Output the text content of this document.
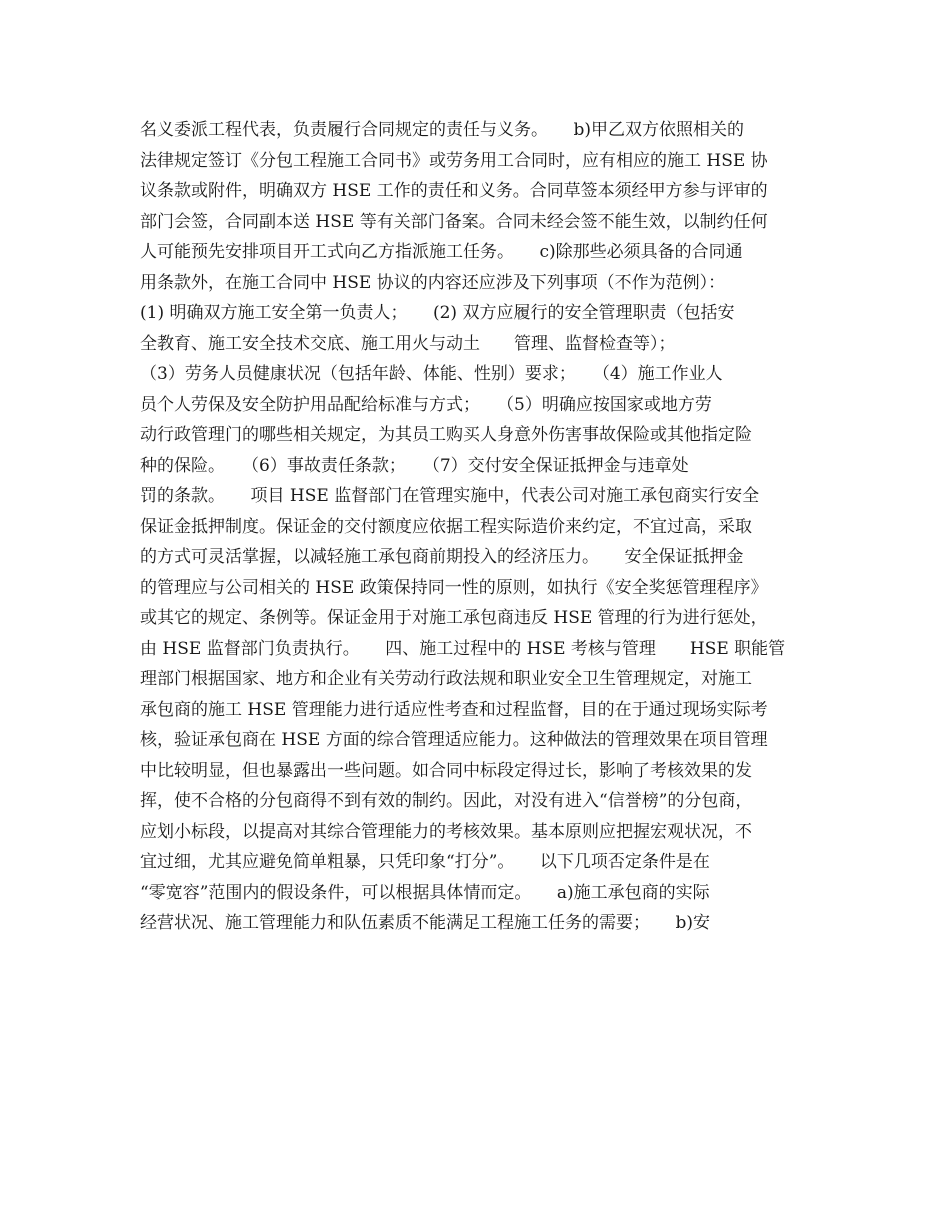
名义委派工程代表，负责履行合同规定的责任与义务。　　b)甲乙双方依照相关的
法律规定签订《分包工程施工合同书》或劳务用工合同时，应有相应的施工 HSE 协
议条款或附件，明确双方 HSE 工作的责任和义务。合同草签本须经甲方参与评审的
部门会签，合同副本送 HSE 等有关部门备案。合同未经会签不能生效，以制约任何
人可能预先安排项目开工式向乙方指派施工任务。　　c)除那些必须具备的合同通
用条款外，在施工合同中 HSE 协议的内容还应涉及下列事项（不作为范例）：
(1) 明确双方施工安全第一负责人；　　(2) 双方应履行的安全管理职责（包括安
全教育、施工安全技术交底、施工用火与动土　　管理、监督检查等）；
（3）劳务人员健康状况（包括年龄、体能、性别）要求；　　（4）施工作业人
员个人劳保及安全防护用品配给标准与方式；　　（5）明确应按国家或地方劳
动行政管理门的哪些相关规定，为其员工购买人身意外伤害事故保险或其他指定险
种的保险。　　（6）事故责任条款；　　（7）交付安全保证抵押金与违章处
罚的条款。　　项目 HSE 监督部门在管理实施中，代表公司对施工承包商实行安全
保证金抵押制度。保证金的交付额度应依据工程实际造价来约定，不宜过高，采取
的方式可灵活掌握，以减轻施工承包商前期投入的经济压力。　　安全保证抵押金
的管理应与公司相关的 HSE 政策保持同一性的原则，如执行《安全奖惩管理程序》
或其它的规定、条例等。保证金用于对施工承包商违反 HSE 管理的行为进行惩处，
由 HSE 监督部门负责执行。　　四、施工过程中的 HSE 考核与管理　　HSE 职能管
理部门根据国家、地方和企业有关劳动行政法规和职业安全卫生管理规定，对施工
承包商的施工 HSE 管理能力进行适应性考查和过程监督，目的在于通过现场实际考
核，验证承包商在 HSE 方面的综合管理适应能力。这种做法的管理效果在项目管理
中比较明显，但也暴露出一些问题。如合同中标段定得过长，影响了考核效果的发
挥，使不合格的分包商得不到有效的制约。因此，对没有进入“信誉榜”的分包商，
应划小标段，以提高对其综合管理能力的考核效果。基本原则应把握宏观状况，不
宜过细，尤其应避免简单粗暴，只凭印象“打分”。　　以下几项否定条件是在
“零宽容”范围内的假设条件，可以根据具体情而定。　　a)施工承包商的实际
经营状况、施工管理能力和队伍素质不能满足工程施工任务的需要；　　b)安
